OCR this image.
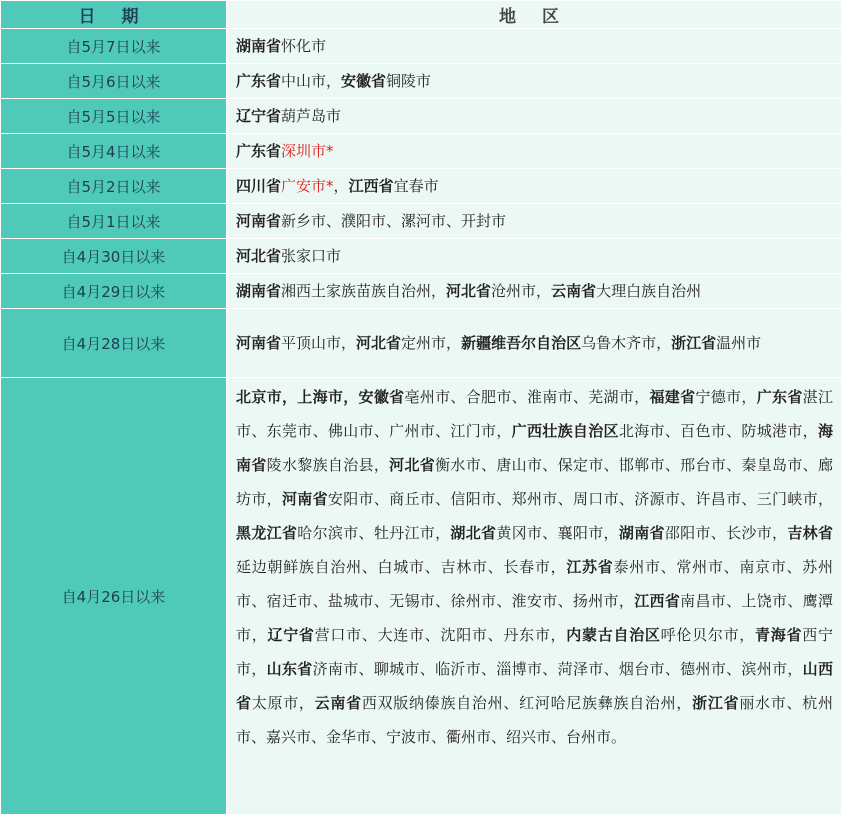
日 期	地 区
自5月7日以来	湖南省怀化市
自5月6日以来	广东省中山市，安徽省铜陵市
自5月5日以来	辽宁省葫芦岛市
自5月4日以来	广东省深圳市*
自5月2日以来	四川省广安市*，江西省宜春市
自5月1日以来	河南省新乡市、濮阳市、漯河市、开封市
自4月30日以来	河北省张家口市
自4月29日以来	湖南省湘西土家族苗族自治州，河北省沧州市，云南省大理白族自治州
自4月28日以来	河南省平顶山市，河北省定州市，新疆维吾尔自治区乌鲁木齐市，浙江省温州市
自4月26日以来	北京市，上海市，安徽省亳州市、合肥市、淮南市、芜湖市，福建省宁德市，广东省湛江市、东莞市、佛山市、广州市、江门市，广西壮族自治区北海市、百色市、防城港市，海南省陵水黎族自治县，河北省衡水市、唐山市、保定市、邯郸市、邢台市、秦皇岛市、廊坊市，河南省安阳市、商丘市、信阳市、郑州市、周口市、济源市、许昌市、三门峡市，黑龙江省哈尔滨市、牡丹江市，湖北省黄冈市、襄阳市，湖南省邵阳市、长沙市，吉林省延边朝鲜族自治州、白城市、吉林市、长春市，江苏省泰州市、常州市、南京市、苏州市、宿迁市、盐城市、无锡市、徐州市、淮安市、扬州市，江西省南昌市、上饶市、鹰潭市，辽宁省营口市、大连市、沈阳市、丹东市，内蒙古自治区呼伦贝尔市，青海省西宁市，山东省济南市、聊城市、临沂市、淄博市、菏泽市、烟台市、德州市、滨州市，山西省太原市，云南省西双版纳傣族自治州、红河哈尼族彝族自治州，浙江省丽水市、杭州市、嘉兴市、金华市、宁波市、衢州市、绍兴市、台州市。
